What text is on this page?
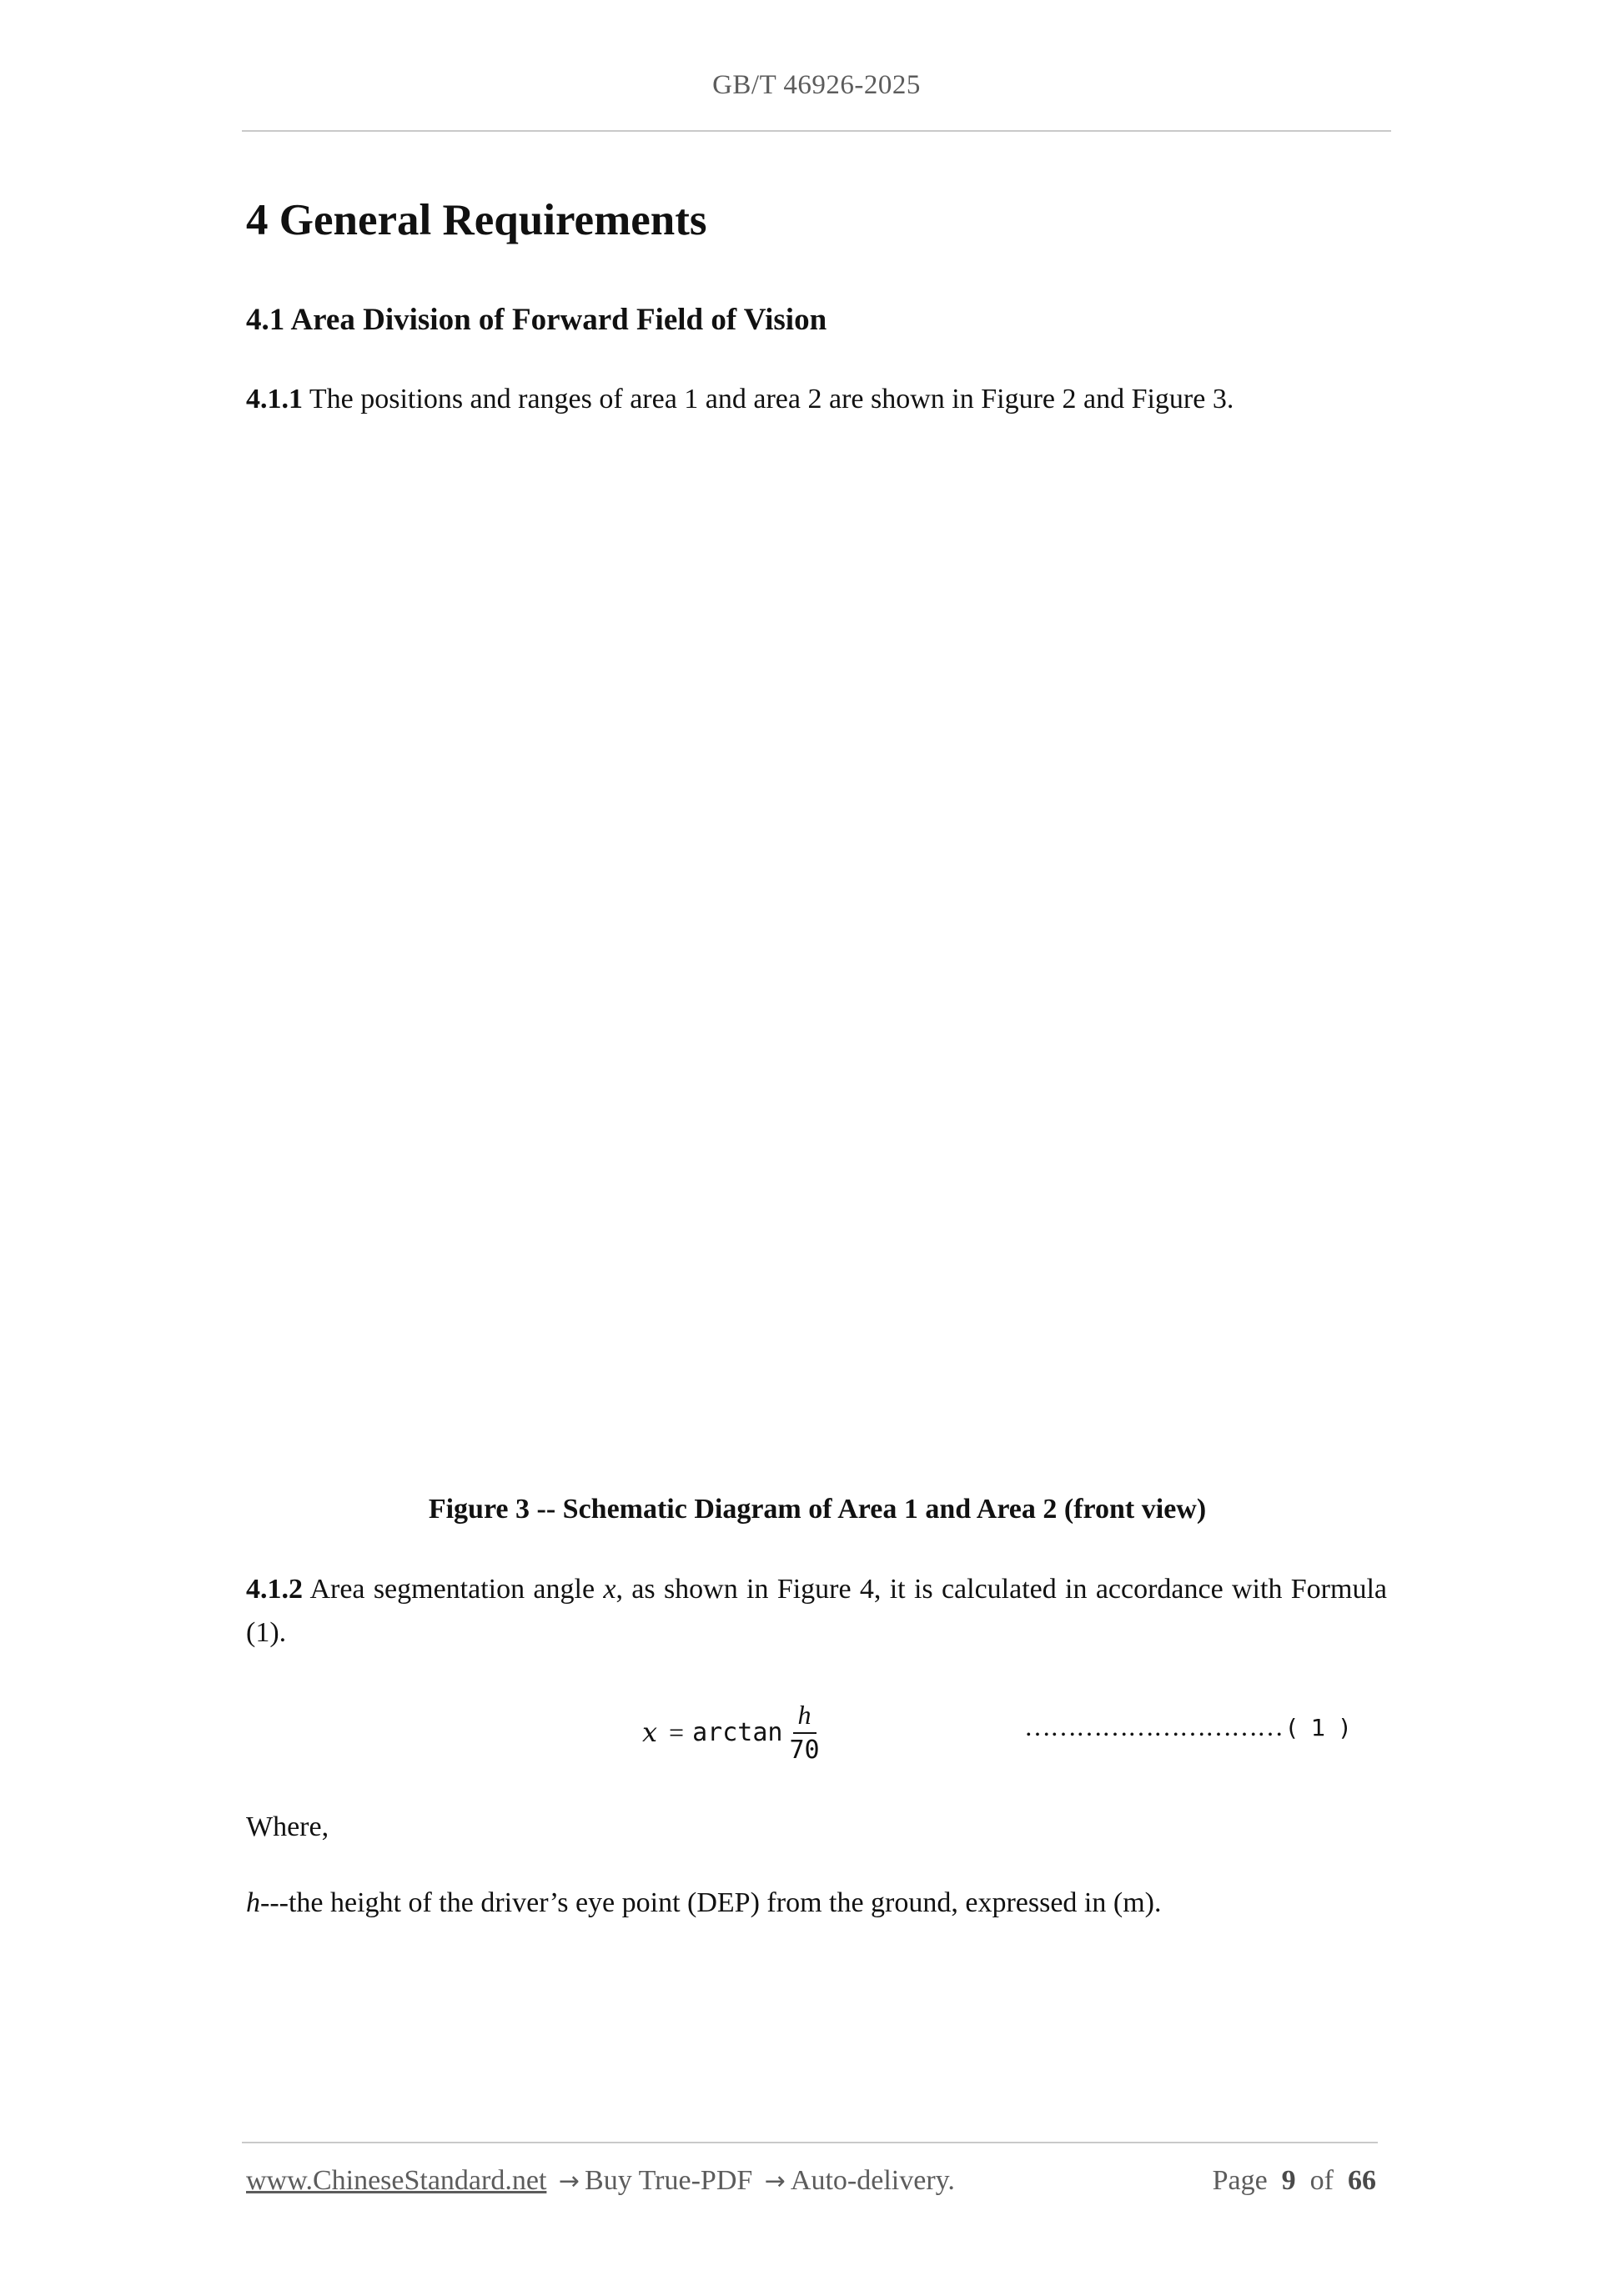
GB/T 46926-2025
4 General Requirements
4.1 Area Division of Forward Field of Vision

4.1.1 The positions and ranges of area 1 and area 2 are shown in Figure 2 and Figure 3.

Figure 3 -- Schematic Diagram of Area 1 and Area 2 (front view)

4.1.2 Area segmentation angle x, as shown in Figure 4, it is calculated in accordance with Formula (1).

$x = \arctan \frac{h}{70}$	………………………… ( 1 )

Where,

h---the height of the driver’s eye point (DEP) from the ground, expressed in (m).

www.ChineseStandard.net → Buy True-PDF → Auto-delivery.	Page 9 of 66
